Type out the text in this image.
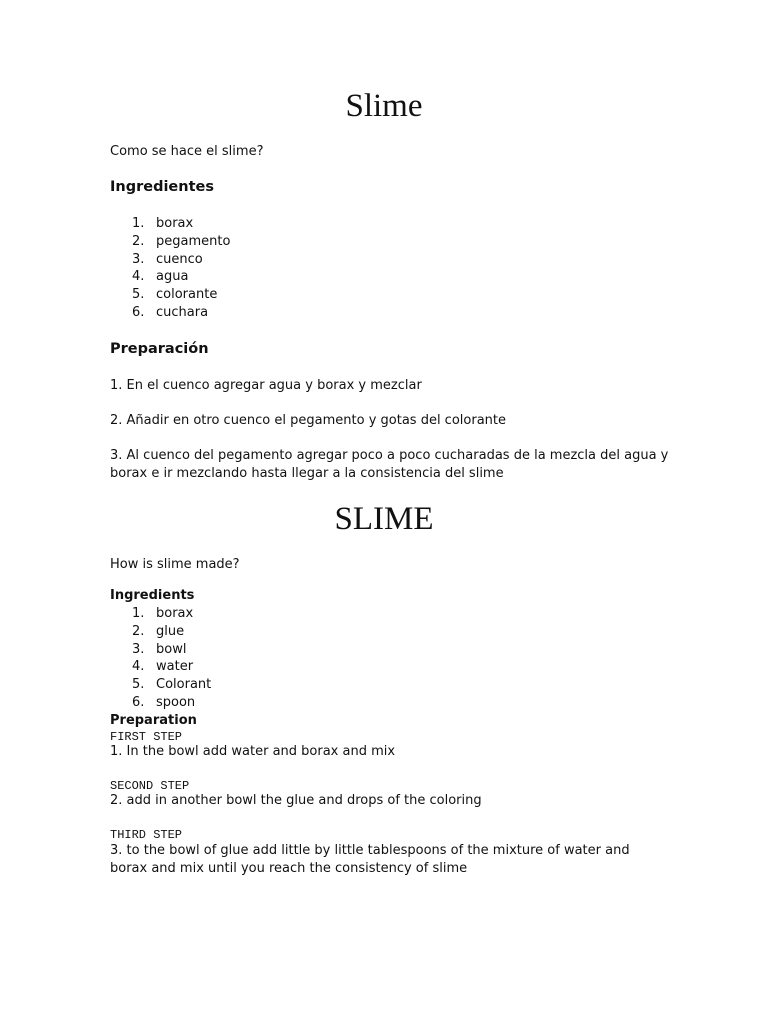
Slime
Como se hace el slime?
Ingredientes
1. borax
2. pegamento
3. cuenco
4. agua
5. colorante
6. cuchara
Preparación
1. En el cuenco agregar agua y borax y mezclar
2. Añadir en otro cuenco el pegamento y gotas del colorante
3. Al cuenco del pegamento agregar poco a poco cucharadas de la mezcla del agua y borax e ir mezclando hasta llegar a la consistencia del slime
SLIME
How is slime made?
Ingredients
1. borax
2. glue
3. bowl
4. water
5. Colorant
6. spoon
Preparation
FIRST STEP
1. In the bowl add water and borax and mix
SECOND STEP
2. add in another bowl the glue and drops of the coloring
THIRD STEP
3. to the bowl of glue add little by little tablespoons of the mixture of water and borax and mix until you reach the consistency of slime
